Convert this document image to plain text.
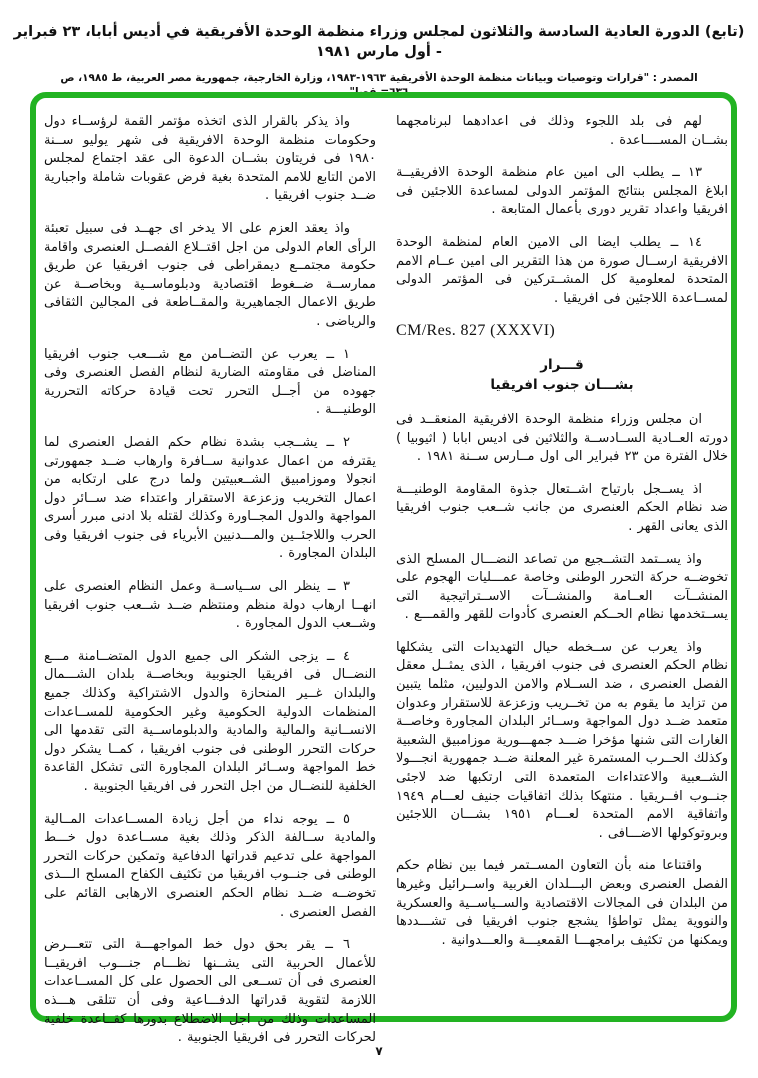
(تابع) الدورة العادية السادسة والثلاثون لمجلس وزراء منظمة الوحدة الأفريقية في أديس أبابا، ٢٣ فبراير - أول مارس ١٩٨١
المصدر : "قرارات وتوصيات وبيانات منظمة الوحدة الأفريقية ١٩٦٣-١٩٨٣، وزارة الخارجية، جمهورية مصر العربية، ط ١٩٨٥، ص ٦٣٦=ـقصا"

لهم فى بلد اللجوء وذلك فى اعدادهما لبرنامجهما بشــان المســــاعدة .

١٣ ــ يطلب الى امين عام منظمة الوحدة الافريقيــة ابلاغ المجلس بنتائج المؤتمر الدولى لمساعدة اللاجئين فى افريقيا واعداد تقرير دورى بأعمال المتابعة .

١٤ ــ يطلب ايضا الى الامين العام لمنظمة الوحدة الافريقية ارســال صورة من هذا التقرير الى امين عــام الامم المتحدة لمعلومية كل المشــتركين فى المؤتمر الدولى لمســاعدة اللاجئين فى افريقيا .

CM/Res. 827 (XXXVI)
قـــرار
بشـــان جنوب افريقيا

ان مجلس وزراء منظمة الوحدة الافريقية المنعقــد فى دورته العــادية الســادســة والثلاثين فى اديس ابابا ( اثيوبيا ) خلال الفترة من ٢٣ فبراير الى اول مــارس ســنة ١٩٨١ .

اذ يســجل بارتياح اشــتعال جذوة المقاومة الوطنيـــة ضد نظام الحكم العنصرى من جانب شــعب جنوب افريقيا الذى يعانى القهر .

واذ يســتمد التشــجيع من تصاعد النضـــال المسلح الذى تخوضــه حركة التحرر الوطنى وخاصة عمـــليات الهجوم على المنشــآت العــامة والمنشــآت الاســتراتيجية التى يســتخدمها نظام الحــكم العنصرى كأدوات للقهر والقمـــع .

واذ يعرب عن ســخطه حيال التهديدات التى يشكلها نظام الحكم العنصرى فى جنوب افريقيا ، الذى يمثــل معقل الفصل العنصرى ، ضد الســلام والامن الدوليين، مثلما يتبين من تزايد ما يقوم به من تخــريب وزعزعة للاستقرار وعدوان متعمد ضــد دول المواجهة وســائر البلدان المجاورة وخاصــة الغارات التى شنها مؤخرا ضـــد جمهـــورية موزامبيق الشعبية وكذلك الحــرب المستمرة غير المعلنة ضــد جمهورية انجـــولا الشــعبية والاعتداءات المتعمدة التى ارتكبها ضد لاجئى جنــوب افــريقيا . منتهكا بذلك اتفاقيات جنيف لعـــام ١٩٤٩ واتفاقية الامم المتحدة لعـــام ١٩٥١ بشـــان اللاجئين وبروتوكولها الاضـــافى .

واقتناعا منه بأن التعاون المســتمر فيما بين نظام حكم الفصل العنصرى وبعض البـــلدان الغربية واســرائيل وغيرها من البلدان فى المجالات الاقتصادية والســياســية والعسكرية والنووية يمثل تواطؤا يشجع جنوب افريقيا فى تشـــددها ويمكنها من تكثيف برامجهـــا القمعيـــة والعـــدوانية .

واذ يذكر بالقرار الذى اتخذه مؤتمر القمة لرؤســاء دول وحكومات منظمة الوحدة الافريقية فى شهر يوليو ســنة ١٩٨٠ فى فريتاون بشــان الدعوة الى عقد اجتماع لمجلس الامن التابع للامم المتحدة بغية فرض عقوبات شاملة واجبارية ضــد جنوب افريقيا .

واذ يعقد العزم على الا يدخر اى جهــد فى سبيل تعبئة الرأى العام الدولى من اجل اقتــلاع الفصــل العنصرى واقامة حكومة مجتمــع ديمقراطى فى جنوب افريقيا عن طريق ممارســة ضــغوط اقتصادية ودبلوماســية وبخاصــة عن طريق الاعمال الجماهيرية والمقــاطعة فى المجالين الثقافى والرياضى .

١ ــ يعرب عن التضــامن مع شـــعب جنوب افريقيا المناضل فى مقاومته الضارية لنظام الفصل العنصرى وفى جهوده من أجــل التحرر تحت قيادة حركاته التحررية الوطنيـــة .

٢ ــ يشــجب بشدة نظام حكم الفصل العنصرى لما يقترفه من اعمال عدوانية ســافرة وارهاب ضــد جمهورتى انجولا وموزامبيق الشــعبيتين ولما درج على ارتكابه من اعمال التخريب وزعزعة الاستقرار واعتداء ضد ســائر دول المواجهة والدول المجــاورة وكذلك لقتله بلا ادنى مبرر أسرى الحرب واللاجئــين والمـــدنيين الأبرياء فى جنوب افريقيا وفى البلدان المجاورة .

٣ ــ ينظر الى ســياســة وعمل النظام العنصرى على انهــا ارهاب دولة منظم ومنتظم ضــد شــعب جنوب افريقيا وشــعب الدول المجاورة .

٤ ــ يزجى الشكر الى جميع الدول المتضــامنة مـــع النضــال فى افريقيا الجنوبية وبخاصــة بلدان الشـــمال والبلدان غــير المنحازة والدول الاشتراكية وكذلك جميع المنظمات الدولية الحكومية وغير الحكومية للمســاعدات الانســانية والمالية والمادية والدبلوماســية التى تقدمها الى حركات التحرر الوطنى فى جنوب افريقيا ، كمــا يشكر دول خط المواجهة وســائر البلدان المجاورة التى تشكل القاعدة الخلفية للنضــال من اجل التحرر فى افريقيا الجنوبية .

٥ ــ يوجه نداء من أجل زيادة المســاعدات المــالية والمادية ســالفة الذكر وذلك بغية مســاعدة دول خـــط المواجهة على تدعيم قدراتها الدفاعية وتمكين حركات التحرر الوطنى فى جنــوب افريقيا من تكثيف الكفاح المسلح الـــذى تخوضــه ضــد نظام الحكم العنصرى الارهابى القائم على الفصل العنصرى .

٦ ــ يقر بحق دول خط المواجهـــة التى تتعـــرض للأعمال الحربية التى يشــنها نظـــام جنـــوب افريقيــا العنصرى فى أن تســعى الى الحصول على كل المســاعدات اللازمة لتقوية قدراتها الدفـــاعية وفى أن تتلقى هـــذه المساعدات وذلك من اجل الاضطلاع بدورها كقــاعدة خلفية لحركات التحرر فى افريقيا الجنوبية .

٧
